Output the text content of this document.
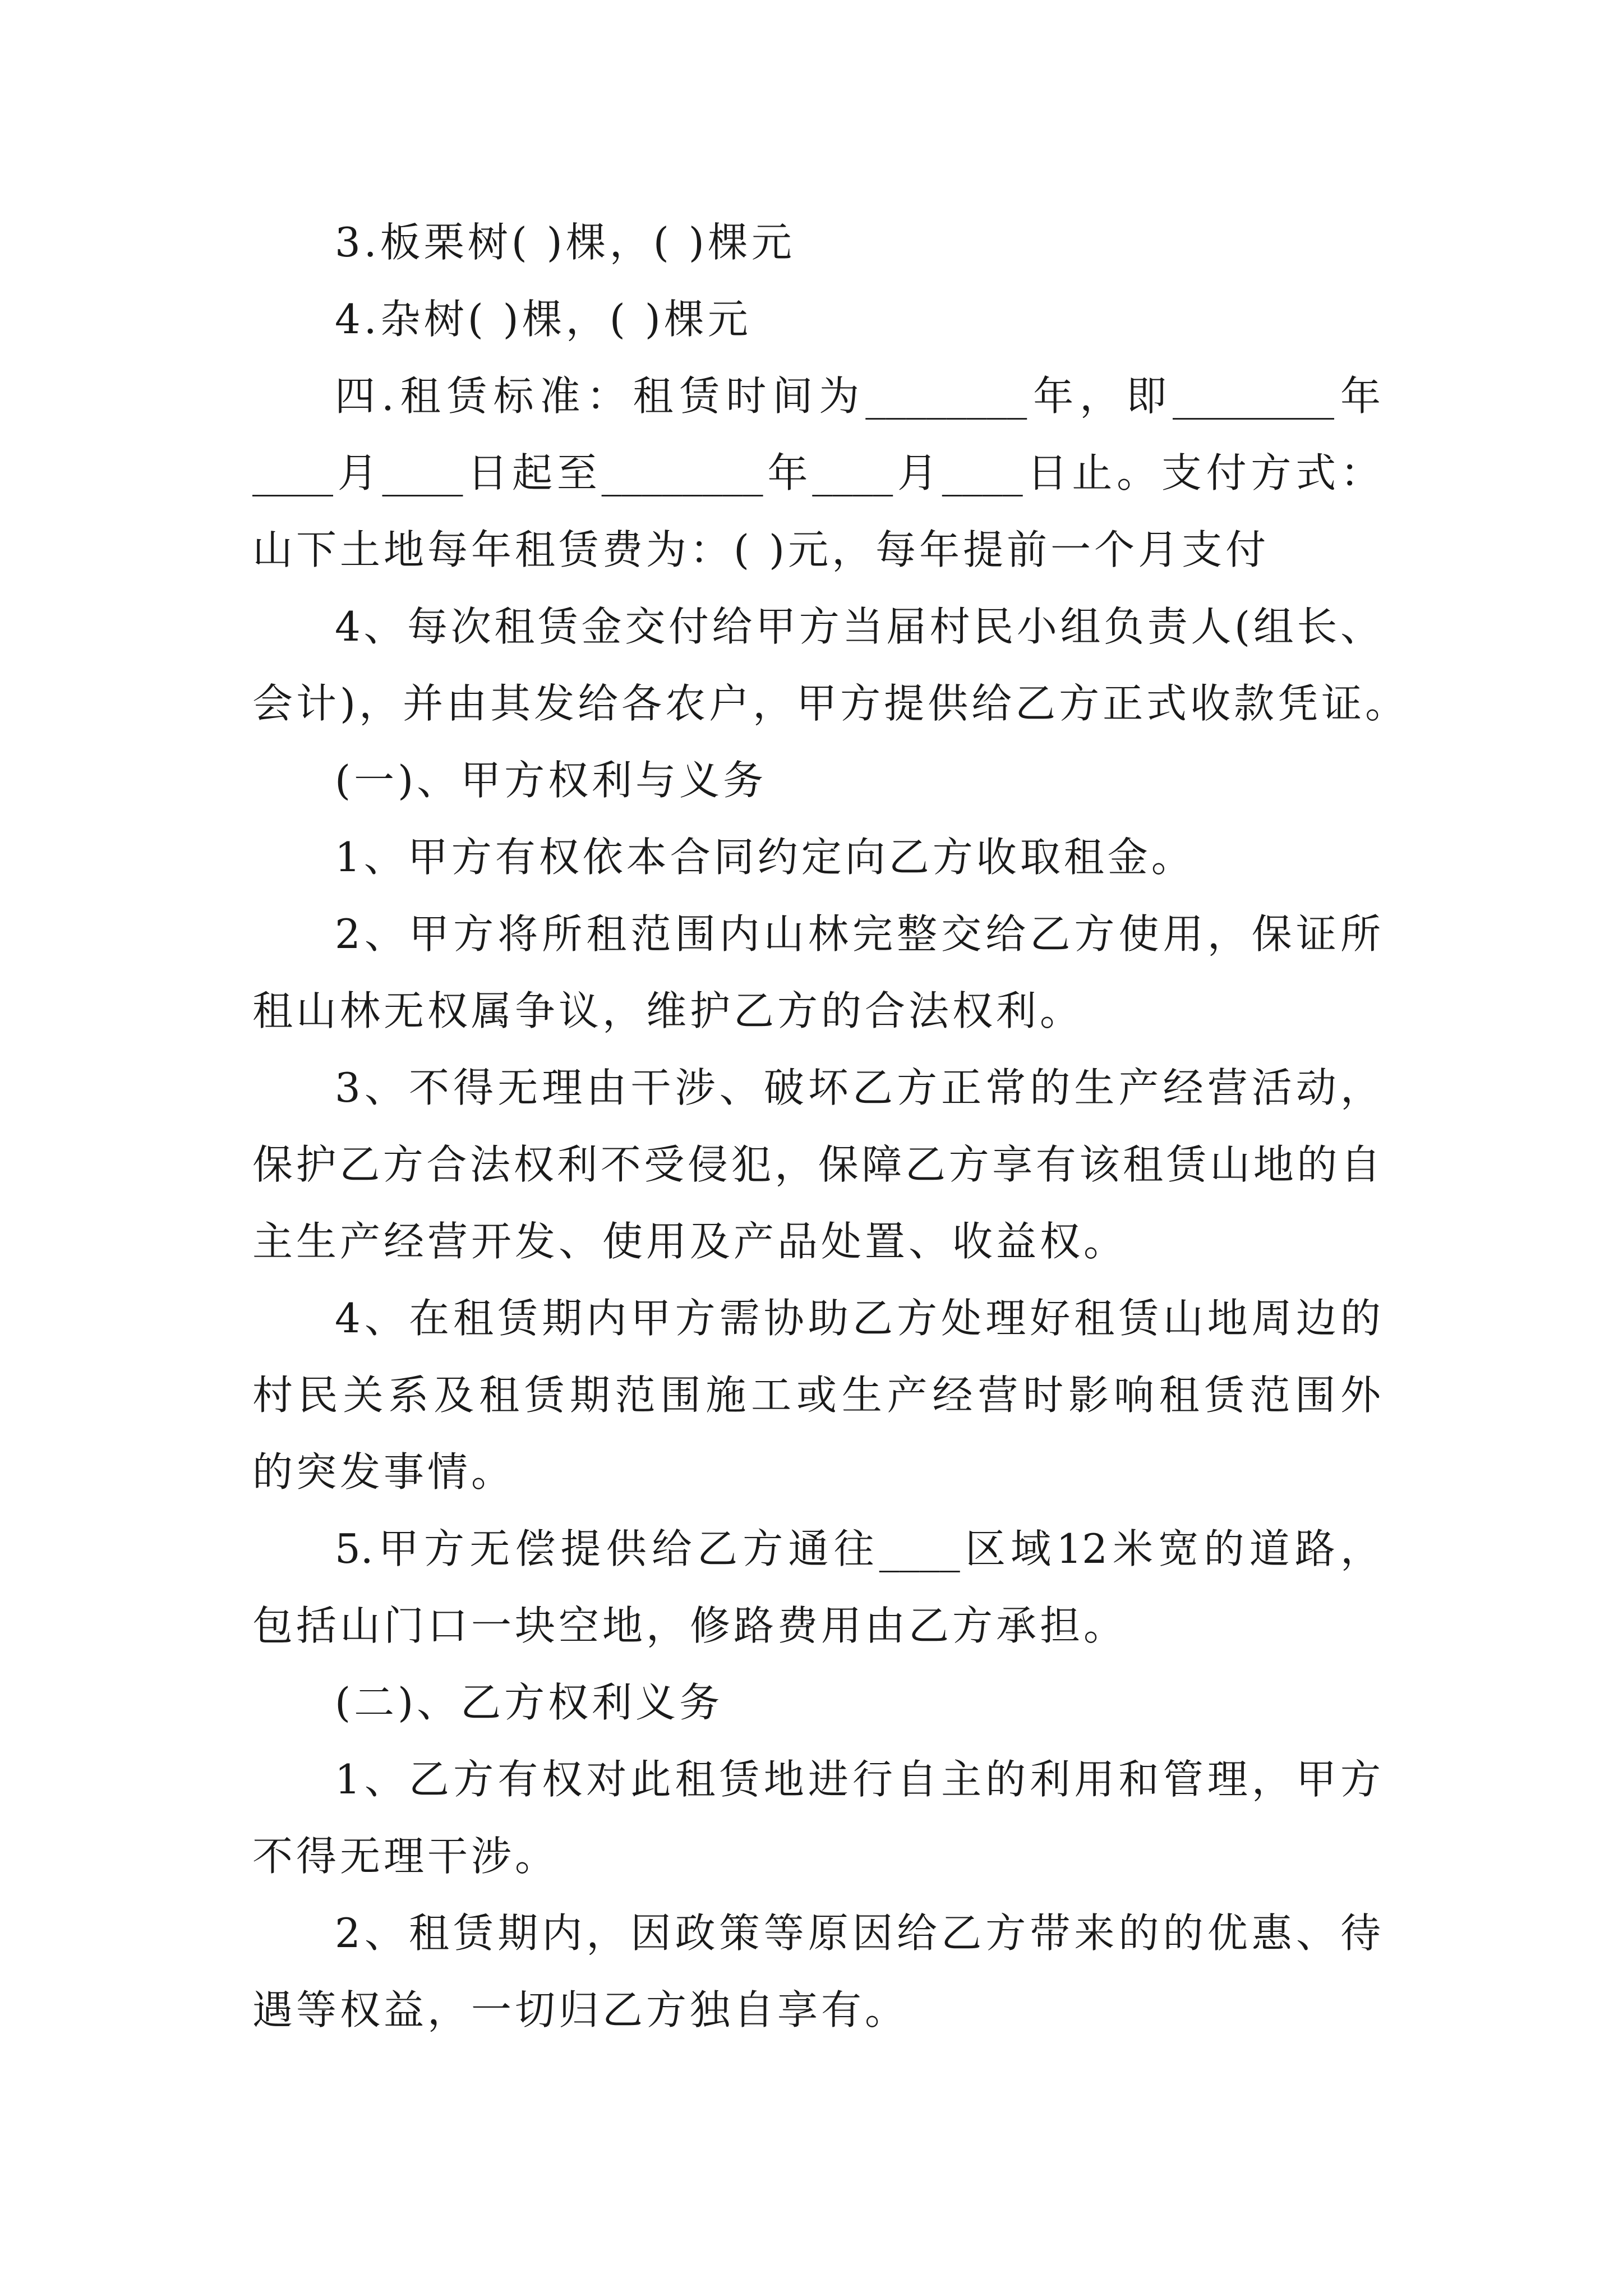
3.板栗树( )棵，( )棵元
4.杂树( )棵，( )棵元
四.租赁标准：租赁时间为________年，即________年
____月____日起至________年____月____日止。支付方式：
山下土地每年租赁费为：( )元，每年提前一个月支付
4、每次租赁金交付给甲方当届村民小组负责人(组长、
会计)，并由其发给各农户，甲方提供给乙方正式收款凭证。
(一)、甲方权利与义务
1、甲方有权依本合同约定向乙方收取租金。
2、甲方将所租范围内山林完整交给乙方使用，保证所
租山林无权属争议，维护乙方的合法权利。
3、不得无理由干涉、破坏乙方正常的生产经营活动，
保护乙方合法权利不受侵犯，保障乙方享有该租赁山地的自
主生产经营开发、使用及产品处置、收益权。
4、在租赁期内甲方需协助乙方处理好租赁山地周边的
村民关系及租赁期范围施工或生产经营时影响租赁范围外
的突发事情。
5.甲方无偿提供给乙方通往____区域12米宽的道路，
包括山门口一块空地，修路费用由乙方承担。
(二)、乙方权利义务
1、乙方有权对此租赁地进行自主的利用和管理，甲方
不得无理干涉。
2、租赁期内，因政策等原因给乙方带来的的优惠、待
遇等权益，一切归乙方独自享有。
